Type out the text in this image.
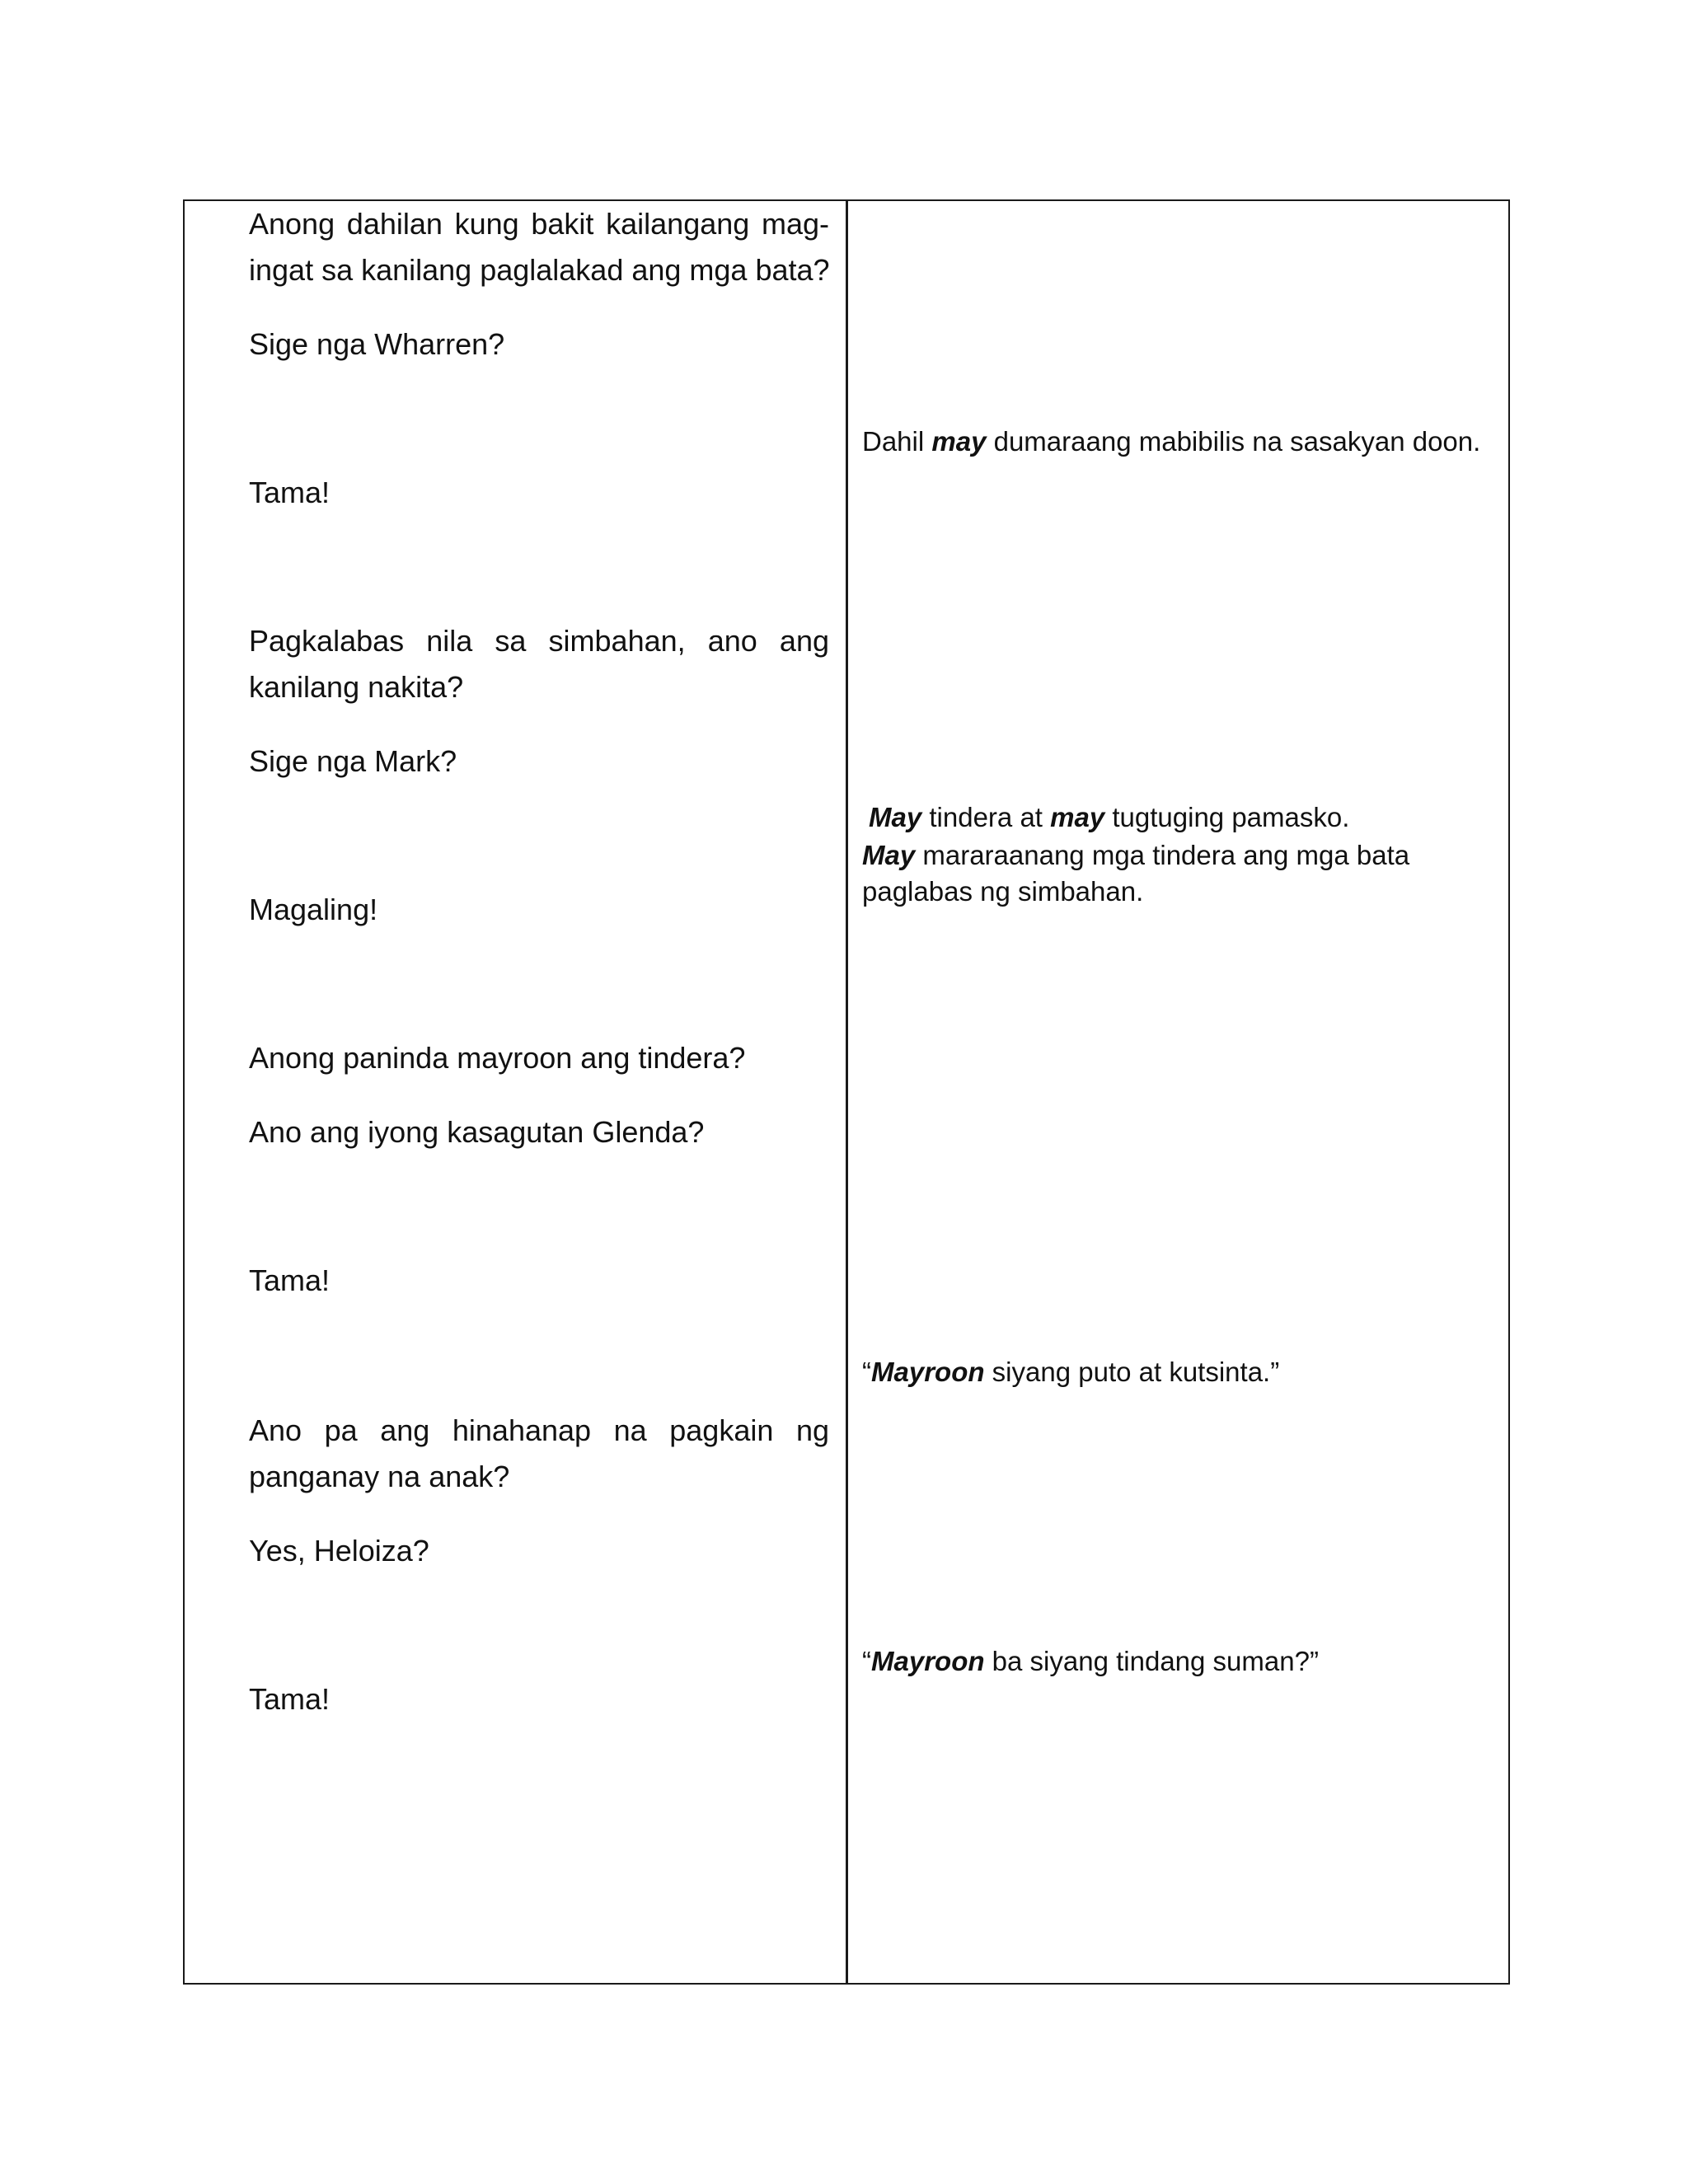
Anong dahilan kung bakit kailangang mag-
ingat sa kanilang paglalakad ang mga bata?
Sige nga Wharren?
Tama!
Pagkalabas nila sa simbahan, ano ang
kanilang nakita?
Sige nga Mark?
Magaling!
Anong paninda mayroon ang tindera?
Ano ang iyong kasagutan Glenda?
Tama!
Ano pa ang hinahanap na pagkain ng
panganay na anak?
Yes, Heloiza?
Tama!
Dahil may dumaraang mabibilis na sasakyan doon.
May tindera at may tugtuging pamasko.
May mararaanang mga tindera ang mga bata
paglabas ng simbahan.
“Mayroon siyang puto at kutsinta.”
“Mayroon ba siyang tindang suman?”
